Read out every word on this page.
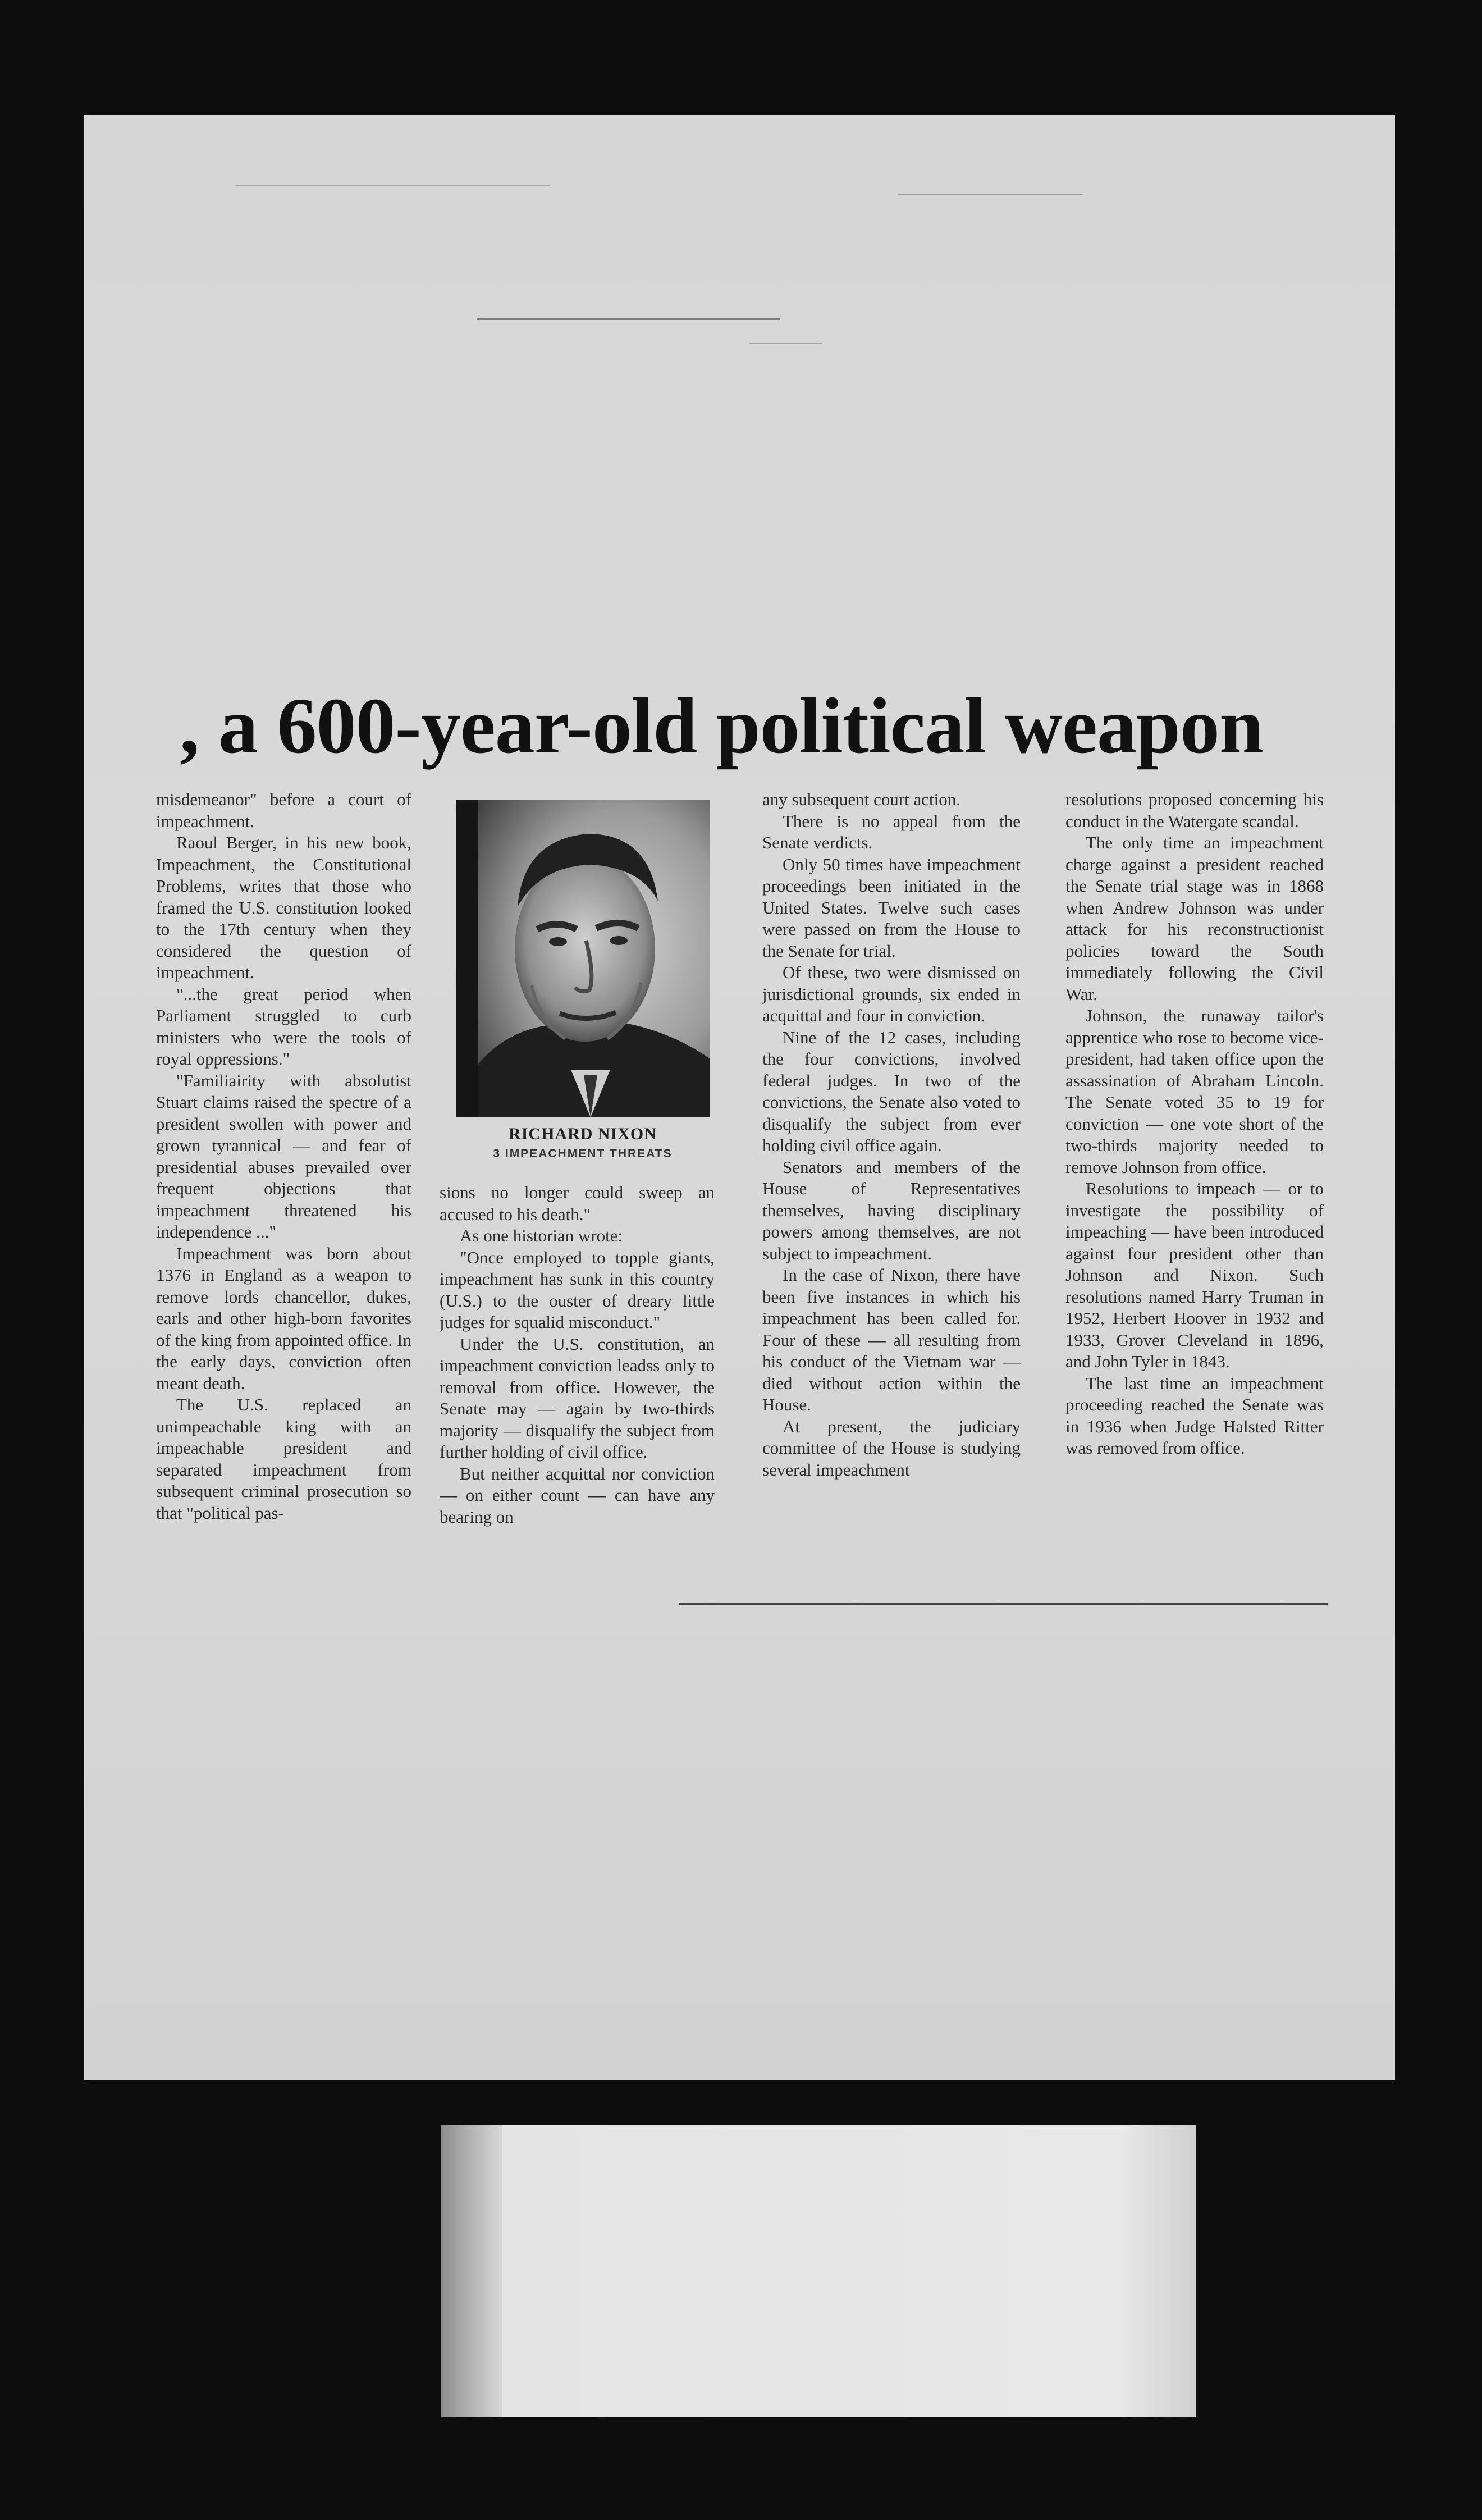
, a 600-year-old political weapon

misdemeanor" before a court of impeachment.

Raoul Berger, in his new book, Impeachment, the Constitutional Problems, writes that those who framed the U.S. constitution looked to the 17th century when they considered the question of impeachment.

"...the great period when Parliament struggled to curb ministers who were the tools of royal oppressions."

"Familiairity with absolutist Stuart claims raised the spectre of a president swollen with power and grown tyrannical — and fear of presidential abuses prevailed over frequent objections that impeachment threatened his independence ..."

Impeachment was born about 1376 in England as a weapon to remove lords chancellor, dukes, earls and other high-born favorites of the king from appointed office. In the early days, conviction often meant death.

The U.S. replaced an unimpeachable king with an impeachable president and separated impeachment from subsequent criminal prosecution so that "political pas-

RICHARD NIXON
3 IMPEACHMENT THREATS

sions no longer could sweep an accused to his death."

As one historian wrote:

"Once employed to topple giants, impeachment has sunk in this country (U.S.) to the ouster of dreary little judges for squalid misconduct."

Under the U.S. constitution, an impeachment conviction leadss only to removal from office. However, the Senate may — again by two-thirds majority — disqualify the subject from further holding of civil office.

But neither acquittal nor conviction — on either count — can have any bearing on

any subsequent court action.

There is no appeal from the Senate verdicts.

Only 50 times have impeachment proceedings been initiated in the United States. Twelve such cases were passed on from the House to the Senate for trial.

Of these, two were dismissed on jurisdictional grounds, six ended in acquittal and four in conviction.

Nine of the 12 cases, including the four convictions, involved federal judges. In two of the convictions, the Senate also voted to disqualify the subject from ever holding civil office again.

Senators and members of the House of Representatives themselves, having disciplinary powers among themselves, are not subject to impeachment.

In the case of Nixon, there have been five instances in which his impeachment has been called for. Four of these — all resulting from his conduct of the Vietnam war — died without action within the House.

At present, the judiciary committee of the House is studying several impeachment

resolutions proposed concerning his conduct in the Watergate scandal.

The only time an impeachment charge against a president reached the Senate trial stage was in 1868 when Andrew Johnson was under attack for his reconstructionist policies toward the South immediately following the Civil War.

Johnson, the runaway tailor's apprentice who rose to become vice-president, had taken office upon the assassination of Abraham Lincoln. The Senate voted 35 to 19 for conviction — one vote short of the two-thirds majority needed to remove Johnson from office.

Resolutions to impeach — or to investigate the possibility of impeaching — have been introduced against four president other than Johnson and Nixon. Such resolutions named Harry Truman in 1952, Herbert Hoover in 1932 and 1933, Grover Cleveland in 1896, and John Tyler in 1843.

The last time an impeachment proceeding reached the Senate was in 1936 when Judge Halsted Ritter was removed from office.
